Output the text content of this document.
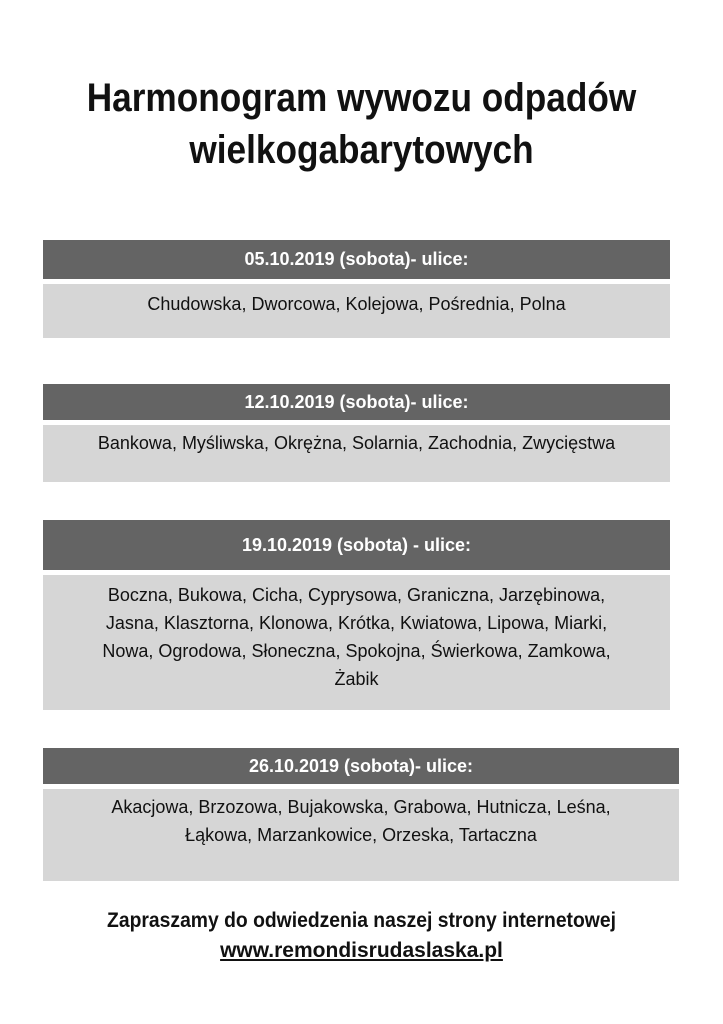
Harmonogram wywozu odpadów
wielkogabarytowych
05.10.2019 (sobota)- ulice:
Chudowska, Dworcowa, Kolejowa, Pośrednia, Polna
12.10.2019 (sobota)- ulice:
Bankowa, Myśliwska, Okrężna, Solarnia, Zachodnia, Zwycięstwa
19.10.2019 (sobota) - ulice:
Boczna, Bukowa, Cicha, Cyprysowa, Graniczna, Jarzębinowa,
Jasna, Klasztorna, Klonowa, Krótka, Kwiatowa, Lipowa, Miarki,
Nowa, Ogrodowa, Słoneczna, Spokojna, Świerkowa, Zamkowa,
Żabik
26.10.2019 (sobota)- ulice:
Akacjowa, Brzozowa, Bujakowska, Grabowa, Hutnicza, Leśna,
Łąkowa, Marzankowice, Orzeska, Tartaczna
Zapraszamy do odwiedzenia naszej strony internetowej
www.remondisrudaslaska.pl
